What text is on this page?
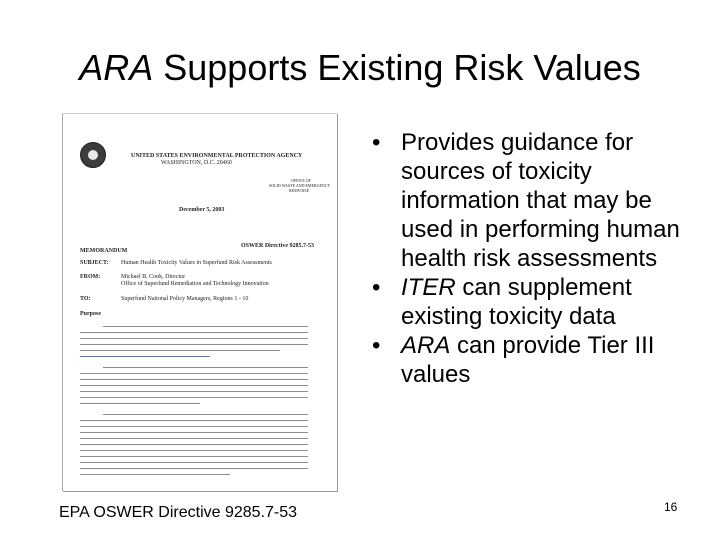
ARA Supports Existing Risk Values
UNITED STATES ENVIRONMENTAL PROTECTION AGENCY
WASHINGTON, D.C. 20460
OFFICE OF
SOLID WASTE AND EMERGENCY
RESPONSE
December 5, 2003
OSWER Directive 9285.7-53
MEMORANDUM
SUBJECT: Human Health Toxicity Values in Superfund Risk Assessments
FROM:	Michael B. Cook, Director
Office of Superfund Remediation and Technology Innovation
TO:	Superfund National Policy Managers, Regions 1 - 10
Purpose
EPA OSWER Directive 9285.7-53
• Provides guidance for sources of toxicity information that may be used in performing human health risk assessments
• ITER can supplement existing toxicity data
• ARA can provide Tier III values
16
